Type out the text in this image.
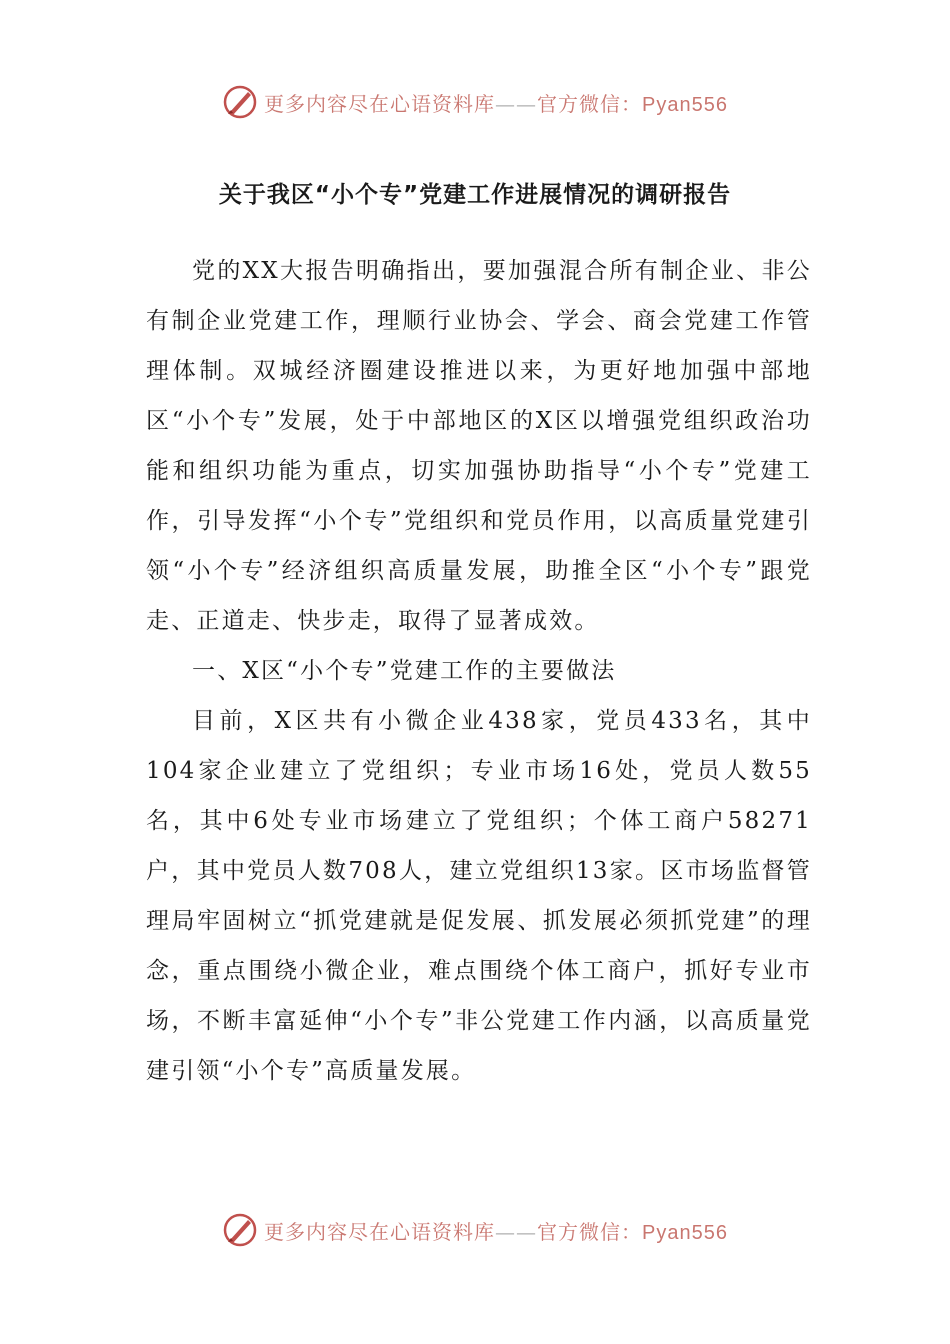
更多内容尽在心语资料库——官方微信：Pyan556
关于我区“小个专”党建工作进展情况的调研报告

党的XX大报告明确指出，要加强混合所有制企业、非公有制企业党建工作，理顺行业协会、学会、商会党建工作管理体制。双城经济圈建设推进以来，为更好地加强中部地区“小个专”发展，处于中部地区的X区以增强党组织政治功能和组织功能为重点，切实加强协助指导“小个专”党建工作，引导发挥“小个专”党组织和党员作用，以高质量党建引领“小个专”经济组织高质量发展，助推全区“小个专”跟党走、正道走、快步走，取得了显著成效。

一、X区“小个专”党建工作的主要做法

目前，X区共有小微企业438家，党员433名，其中104家企业建立了党组织；专业市场16处，党员人数55名，其中6处专业市场建立了党组织；个体工商户58271户，其中党员人数708人，建立党组织13家。区市场监督管理局牢固树立“抓党建就是促发展、抓发展必须抓党建”的理念，重点围绕小微企业，难点围绕个体工商户，抓好专业市场，不断丰富延伸“小个专”非公党建工作内涵，以高质量党建引领“小个专”高质量发展。

更多内容尽在心语资料库——官方微信：Pyan556
